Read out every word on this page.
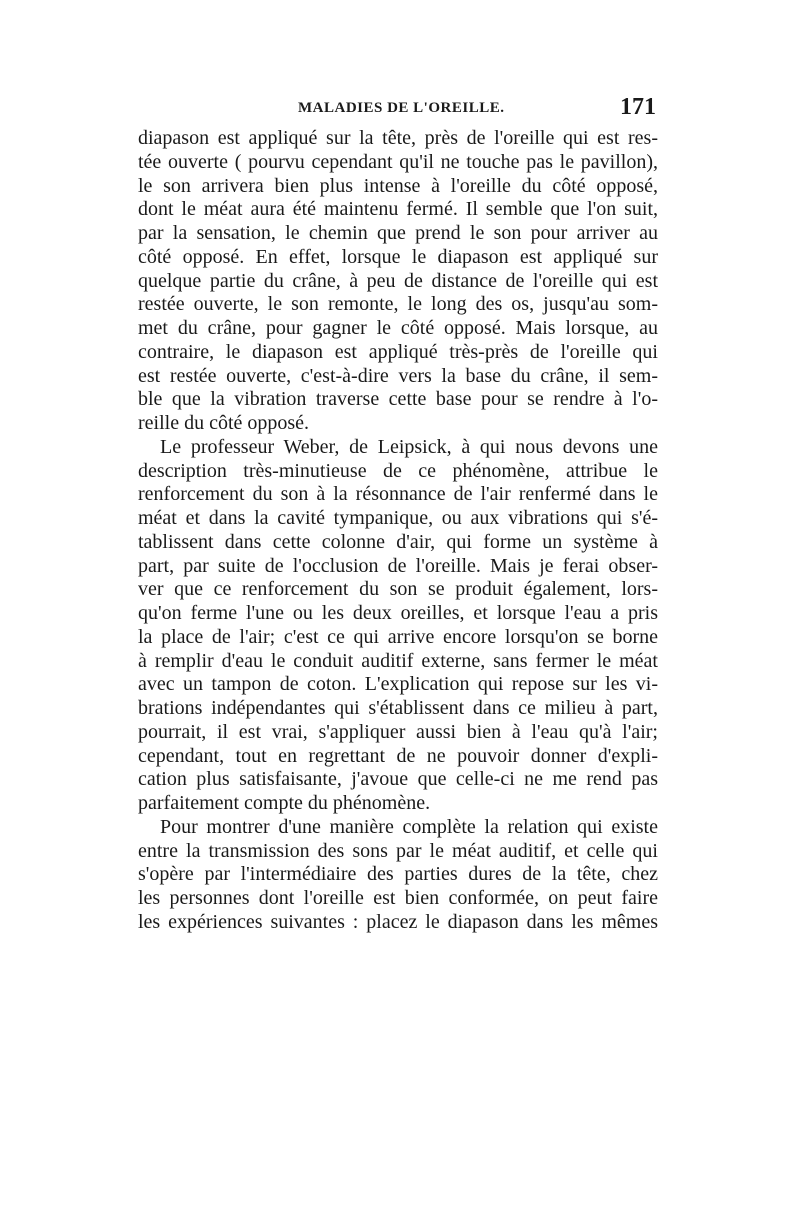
MALADIES DE L'OREILLE.	171
diapason est appliqué sur la tête, près de l'oreille qui est res-
tée ouverte ( pourvu cependant qu'il ne touche pas le pavillon),
le son arrivera bien plus intense à l'oreille du côté opposé,
dont le méat aura été maintenu fermé. Il semble que l'on suit,
par la sensation, le chemin que prend le son pour arriver au
côté opposé. En effet, lorsque le diapason est appliqué sur
quelque partie du crâne, à peu de distance de l'oreille qui est
restée ouverte, le son remonte, le long des os, jusqu'au som-
met du crâne, pour gagner le côté opposé. Mais lorsque, au
contraire, le diapason est appliqué très-près de l'oreille qui
est restée ouverte, c'est-à-dire vers la base du crâne, il sem-
ble que la vibration traverse cette base pour se rendre à l'o-
reille du côté opposé.
Le professeur Weber, de Leipsick, à qui nous devons une
description très-minutieuse de ce phénomène, attribue le
renforcement du son à la résonnance de l'air renfermé dans le
méat et dans la cavité tympanique, ou aux vibrations qui s'é-
tablissent dans cette colonne d'air, qui forme un système à
part, par suite de l'occlusion de l'oreille. Mais je ferai obser-
ver que ce renforcement du son se produit également, lors-
qu'on ferme l'une ou les deux oreilles, et lorsque l'eau a pris
la place de l'air; c'est ce qui arrive encore lorsqu'on se borne
à remplir d'eau le conduit auditif externe, sans fermer le méat
avec un tampon de coton. L'explication qui repose sur les vi-
brations indépendantes qui s'établissent dans ce milieu à part,
pourrait, il est vrai, s'appliquer aussi bien à l'eau qu'à l'air;
cependant, tout en regrettant de ne pouvoir donner d'expli-
cation plus satisfaisante, j'avoue que celle-ci ne me rend pas
parfaitement compte du phénomène.
Pour montrer d'une manière complète la relation qui existe
entre la transmission des sons par le méat auditif, et celle qui
s'opère par l'intermédiaire des parties dures de la tête, chez
les personnes dont l'oreille est bien conformée, on peut faire
les expériences suivantes : placez le diapason dans les mêmes
